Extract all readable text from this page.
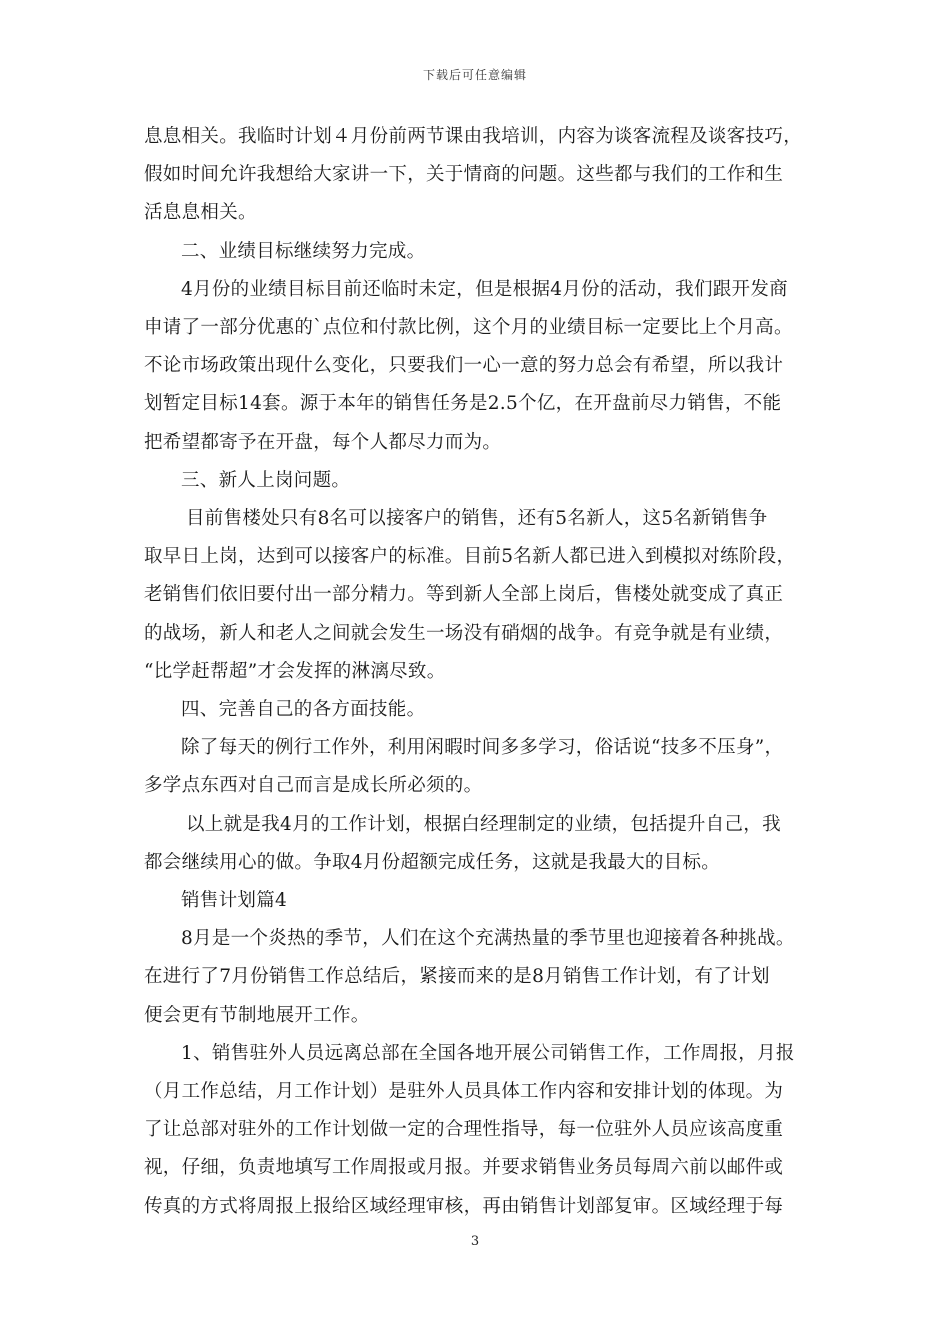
下载后可任意编辑

息息相关。我临时计划４月份前两节课由我培训，内容为谈客流程及谈客技巧，
假如时间允许我想给大家讲一下，关于情商的问题。这些都与我们的工作和生
活息息相关。

二、业绩目标继续努力完成。

4月份的业绩目标目前还临时未定，但是根据4月份的活动，我们跟开发商
申请了一部分优惠的`点位和付款比例，这个月的业绩目标一定要比上个月高。
不论市场政策出现什么变化，只要我们一心一意的努力总会有希望，所以我计
划暂定目标14套。源于本年的销售任务是2.5个亿，在开盘前尽力销售，不能
把希望都寄予在开盘，每个人都尽力而为。

三、新人上岗问题。

目前售楼处只有8名可以接客户的销售，还有5名新人，这5名新销售争
取早日上岗，达到可以接客户的标准。目前5名新人都已进入到模拟对练阶段，
老销售们依旧要付出一部分精力。等到新人全部上岗后，售楼处就变成了真正
的战场，新人和老人之间就会发生一场没有硝烟的战争。有竞争就是有业绩，
“比学赶帮超”才会发挥的淋漓尽致。

四、完善自己的各方面技能。

除了每天的例行工作外，利用闲暇时间多多学习，俗话说“技多不压身”，
多学点东西对自己而言是成长所必须的。

以上就是我4月的工作计划，根据白经理制定的业绩，包括提升自己，我
都会继续用心的做。争取4月份超额完成任务，这就是我最大的目标。

销售计划篇4

8月是一个炎热的季节，人们在这个充满热量的季节里也迎接着各种挑战。
在进行了7月份销售工作总结后，紧接而来的是8月销售工作计划，有了计划
便会更有节制地展开工作。

1、销售驻外人员远离总部在全国各地开展公司销售工作，工作周报，月报
（月工作总结，月工作计划）是驻外人员具体工作内容和安排计划的体现。为
了让总部对驻外的工作计划做一定的合理性指导，每一位驻外人员应该高度重
视，仔细，负责地填写工作周报或月报。并要求销售业务员每周六前以邮件或
传真的方式将周报上报给区域经理审核，再由销售计划部复审。区域经理于每

3
